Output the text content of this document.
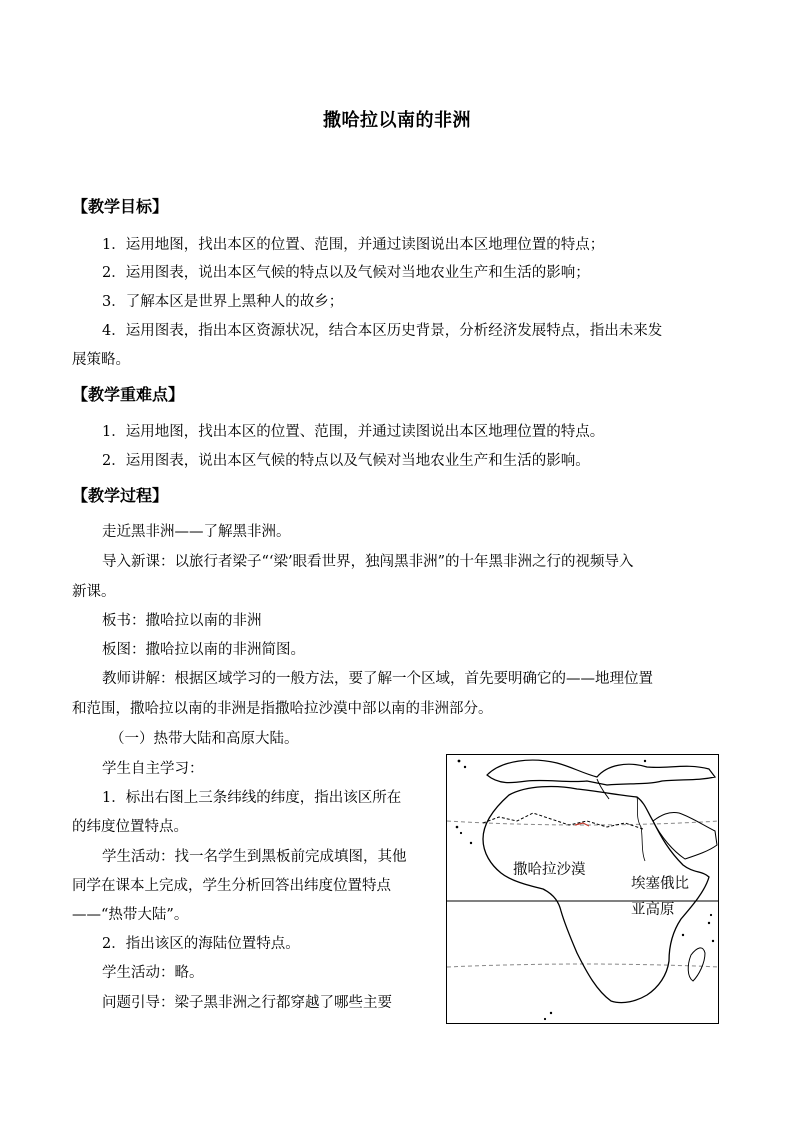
撒哈拉以南的非洲
【教学目标】
1．运用地图，找出本区的位置、范围，并通过读图说出本区地理位置的特点；
2．运用图表，说出本区气候的特点以及气候对当地农业生产和生活的影响；
3．了解本区是世界上黑种人的故乡；
4．运用图表，指出本区资源状况，结合本区历史背景，分析经济发展特点，指出未来发
展策略。
【教学重难点】
1．运用地图，找出本区的位置、范围，并通过读图说出本区地理位置的特点。
2．运用图表，说出本区气候的特点以及气候对当地农业生产和生活的影响。
【教学过程】
走近黑非洲——了解黑非洲。
导入新课：以旅行者梁子“‘梁’眼看世界，独闯黑非洲”的十年黑非洲之行的视频导入
新课。
板书：撒哈拉以南的非洲
板图：撒哈拉以南的非洲简图。
教师讲解：根据区域学习的一般方法，要了解一个区域，首先要明确它的——地理位置
和范围，撒哈拉以南的非洲是指撒哈拉沙漠中部以南的非洲部分。
（一）热带大陆和高原大陆。
学生自主学习：
1．标出右图上三条纬线的纬度，指出该区所在
的纬度位置特点。
学生活动：找一名学生到黑板前完成填图，其他
同学在课本上完成，学生分析回答出纬度位置特点
——“热带大陆”。
2．指出该区的海陆位置特点。
学生活动：略。
问题引导：梁子黑非洲之行都穿越了哪些主要
撒哈拉沙漠
埃塞俄比
亚高原
